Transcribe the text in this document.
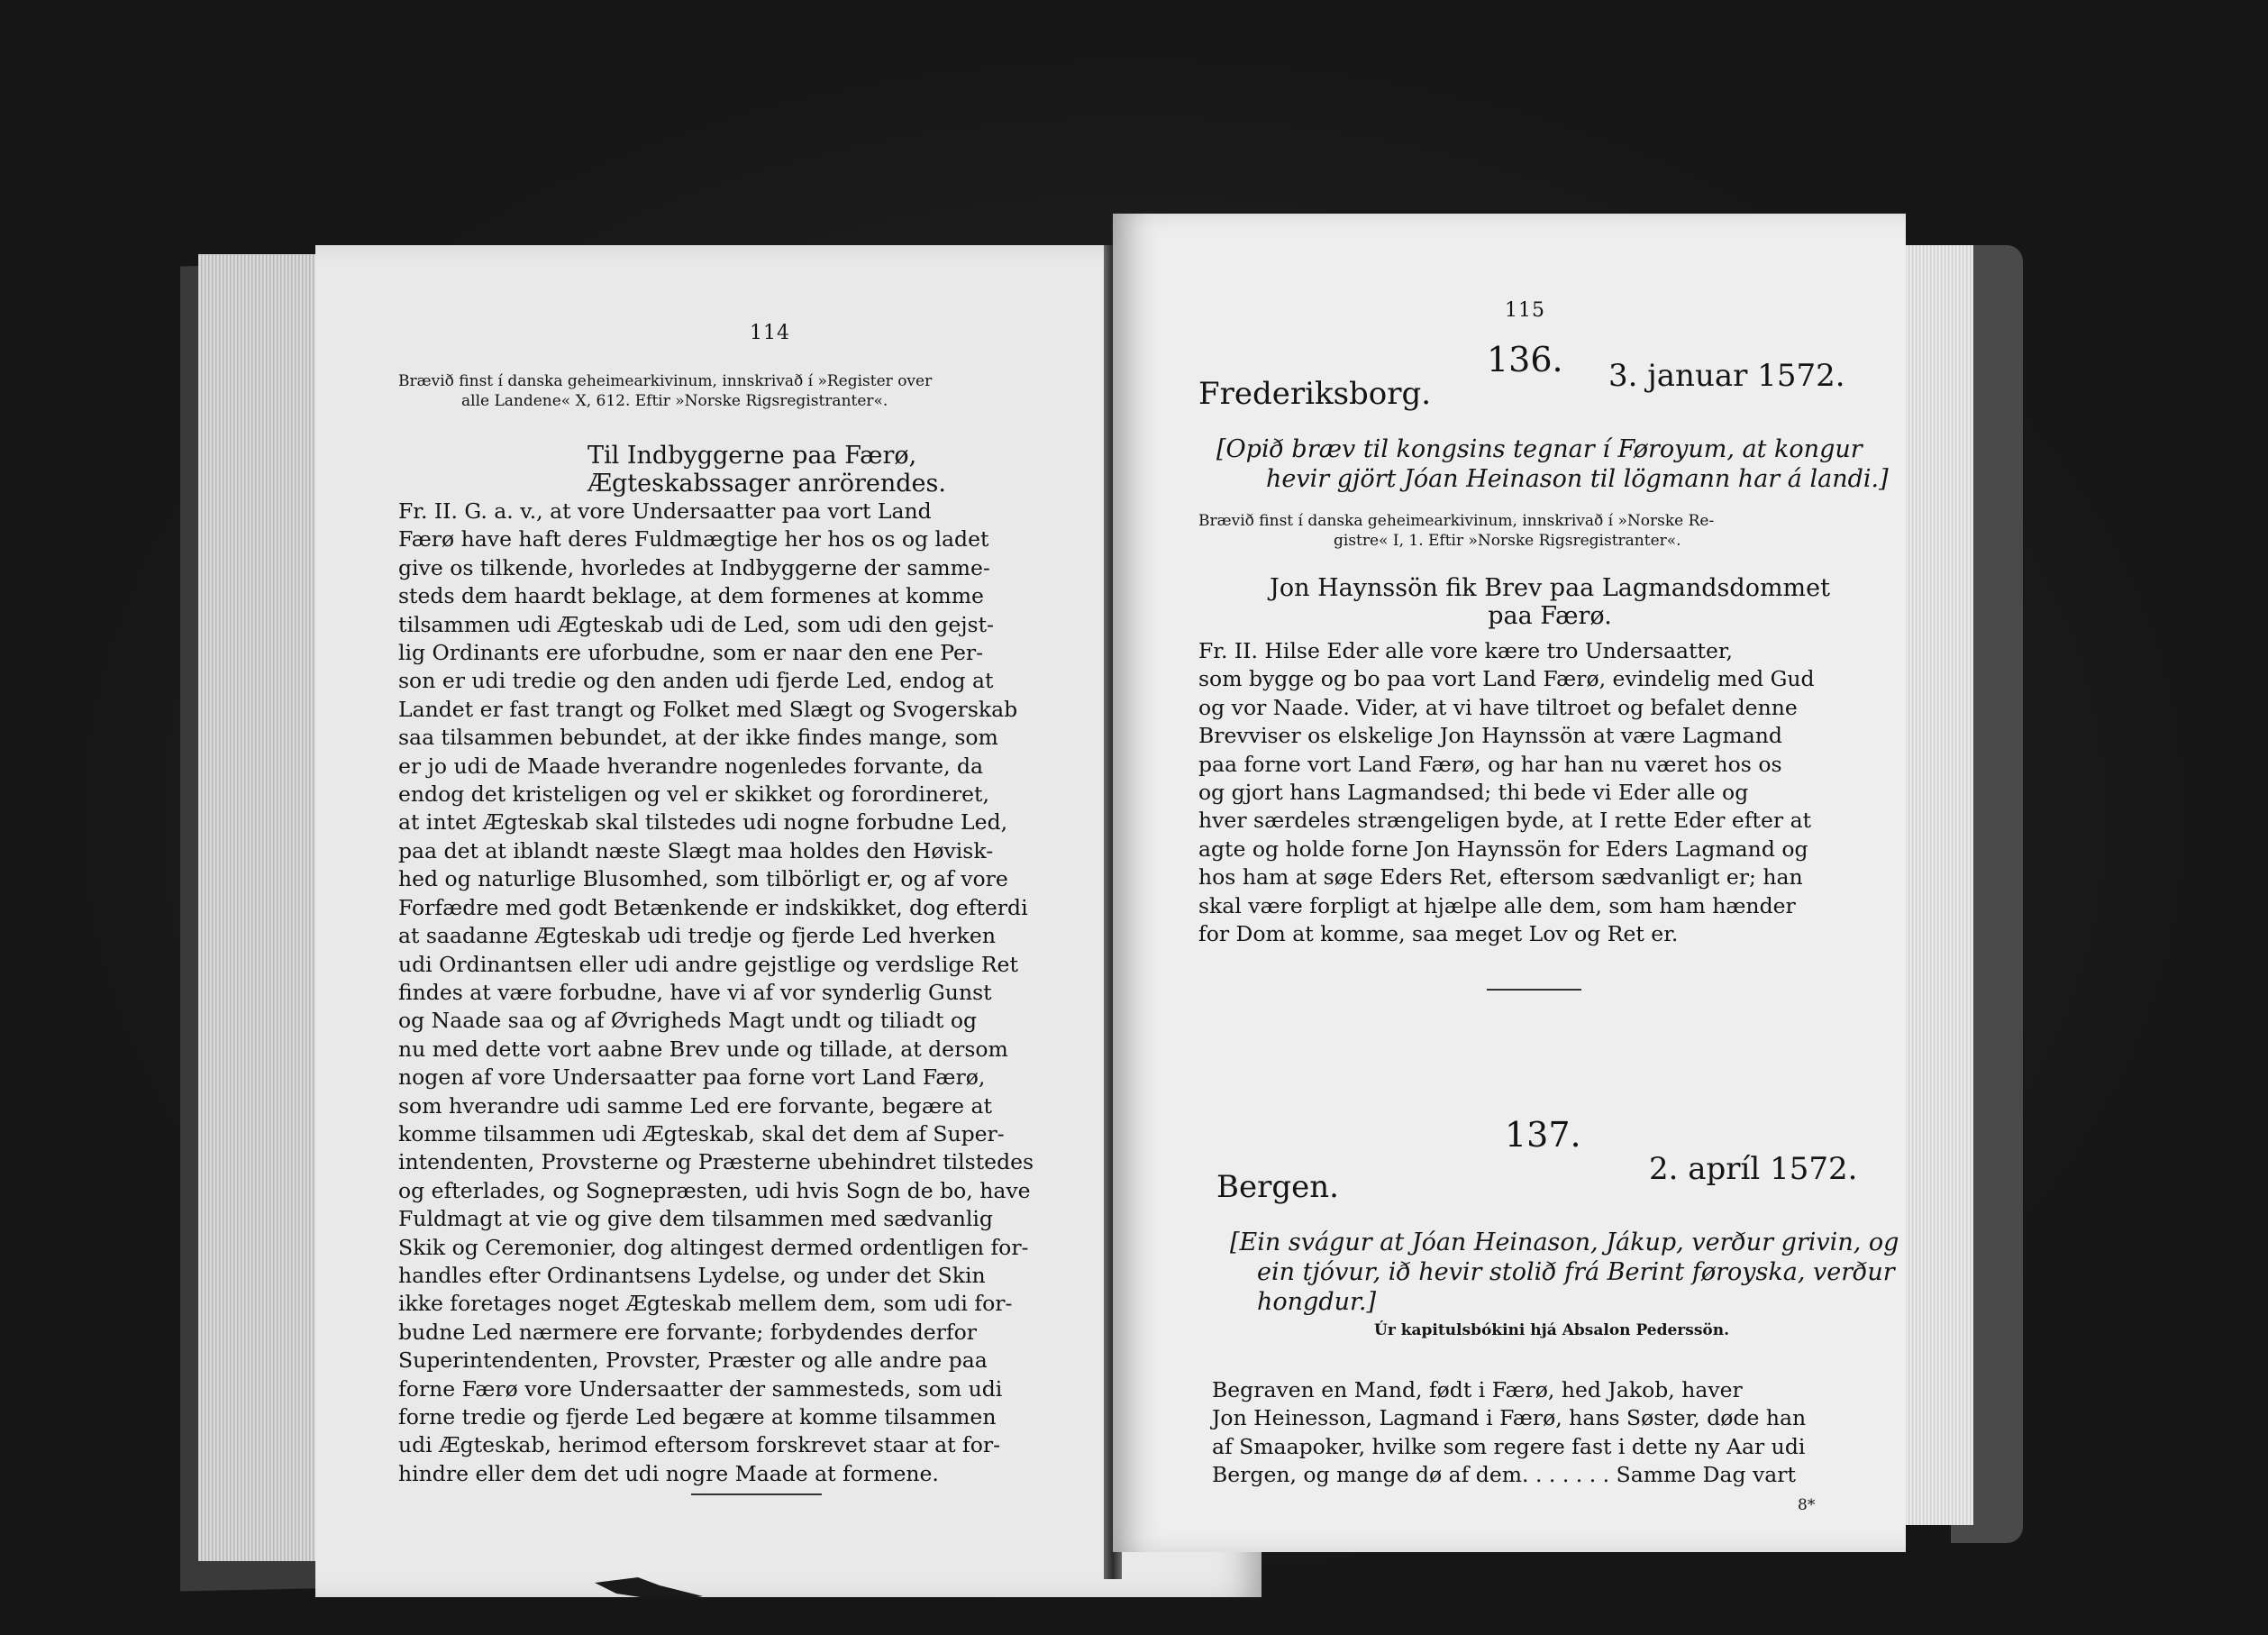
114
Brævið finst í danska geheimearkivinum, innskrivað í »Register over
alle Landene« X, 612. Eftir »Norske Rigsregistranter«.
Til Indbyggerne paa Færø,
Ægteskabssager anrörendes.
Fr. II. G. a. v., at vore Undersaatter paa vort Land
Færø have haft deres Fuldmægtige her hos os og ladet
give os tilkende, hvorledes at Indbyggerne der samme-
steds dem haardt beklage, at dem formenes at komme
tilsammen udi Ægteskab udi de Led, som udi den gejst-
lig Ordinants ere uforbudne, som er naar den ene Per-
son er udi tredie og den anden udi fjerde Led, endog at
Landet er fast trangt og Folket med Slægt og Svogerskab
saa tilsammen bebundet, at der ikke findes mange, som
er jo udi de Maade hverandre nogenledes forvante, da
endog det kristeligen og vel er skikket og forordineret,
at intet Ægteskab skal tilstedes udi nogne forbudne Led,
paa det at iblandt næste Slægt maa holdes den Høvisk-
hed og naturlige Blusomhed, som tilbörligt er, og af vore
Forfædre med godt Betænkende er indskikket, dog efterdi
at saadanne Ægteskab udi tredje og fjerde Led hverken
udi Ordinantsen eller udi andre gejstlige og verdslige Ret
findes at være forbudne, have vi af vor synderlig Gunst
og Naade saa og af Øvrigheds Magt undt og tiliadt og
nu med dette vort aabne Brev unde og tillade, at dersom
nogen af vore Undersaatter paa forne vort Land Færø,
som hverandre udi samme Led ere forvante, begære at
komme tilsammen udi Ægteskab, skal det dem af Super-
intendenten, Provsterne og Præsterne ubehindret tilstedes
og efterlades, og Sognepræsten, udi hvis Sogn de bo, have
Fuldmagt at vie og give dem tilsammen med sædvanlig
Skik og Ceremonier, dog altingest dermed ordentligen for-
handles efter Ordinantsens Lydelse, og under det Skin
ikke foretages noget Ægteskab mellem dem, som udi for-
budne Led nærmere ere forvante; forbydendes derfor
Superintendenten, Provster, Præster og alle andre paa
forne Færø vore Undersaatter der sammesteds, som udi
forne tredie og fjerde Led begære at komme tilsammen
udi Ægteskab, herimod eftersom forskrevet staar at for-
hindre eller dem det udi nogre Maade at formene.
115
136.
Frederiksborg.	3. januar 1572.
[Opið bræv til kongsins tegnar í Føroyum, at kongur
hevir gjört Jóan Heinason til lögmann har á landi.]
Brævið finst í danska geheimearkivinum, innskrivað í »Norske Re-
gistre« I, 1. Eftir »Norske Rigsregistranter«.
Jon Haynssön fik Brev paa Lagmandsdommet
paa Færø.
Fr. II. Hilse Eder alle vore kære tro Undersaatter,
som bygge og bo paa vort Land Færø, evindelig med Gud
og vor Naade. Vider, at vi have tiltroet og befalet denne
Brevviser os elskelige Jon Haynssön at være Lagmand
paa forne vort Land Færø, og har han nu været hos os
og gjort hans Lagmandsed; thi bede vi Eder alle og
hver særdeles strængeligen byde, at I rette Eder efter at
agte og holde forne Jon Haynssön for Eders Lagmand og
hos ham at søge Eders Ret, eftersom sædvanligt er; han
skal være forpligt at hjælpe alle dem, som ham hænder
for Dom at komme, saa meget Lov og Ret er.
137.
Bergen.	2. apríl 1572.
[Ein svágur at Jóan Heinason, Jákup, verður grivin, og
ein tjóvur, ið hevir stolið frá Berint føroyska, verður
hongdur.]
Úr kapitulsbókini hjá Absalon Pederssön.
Begraven en Mand, født i Færø, hed Jakob, haver
Jon Heinesson, Lagmand i Færø, hans Søster, døde han
af Smaapoker, hvilke som regere fast i dette ny Aar udi
Bergen, og mange dø af dem. . . . . . . Samme Dag vart
8*
